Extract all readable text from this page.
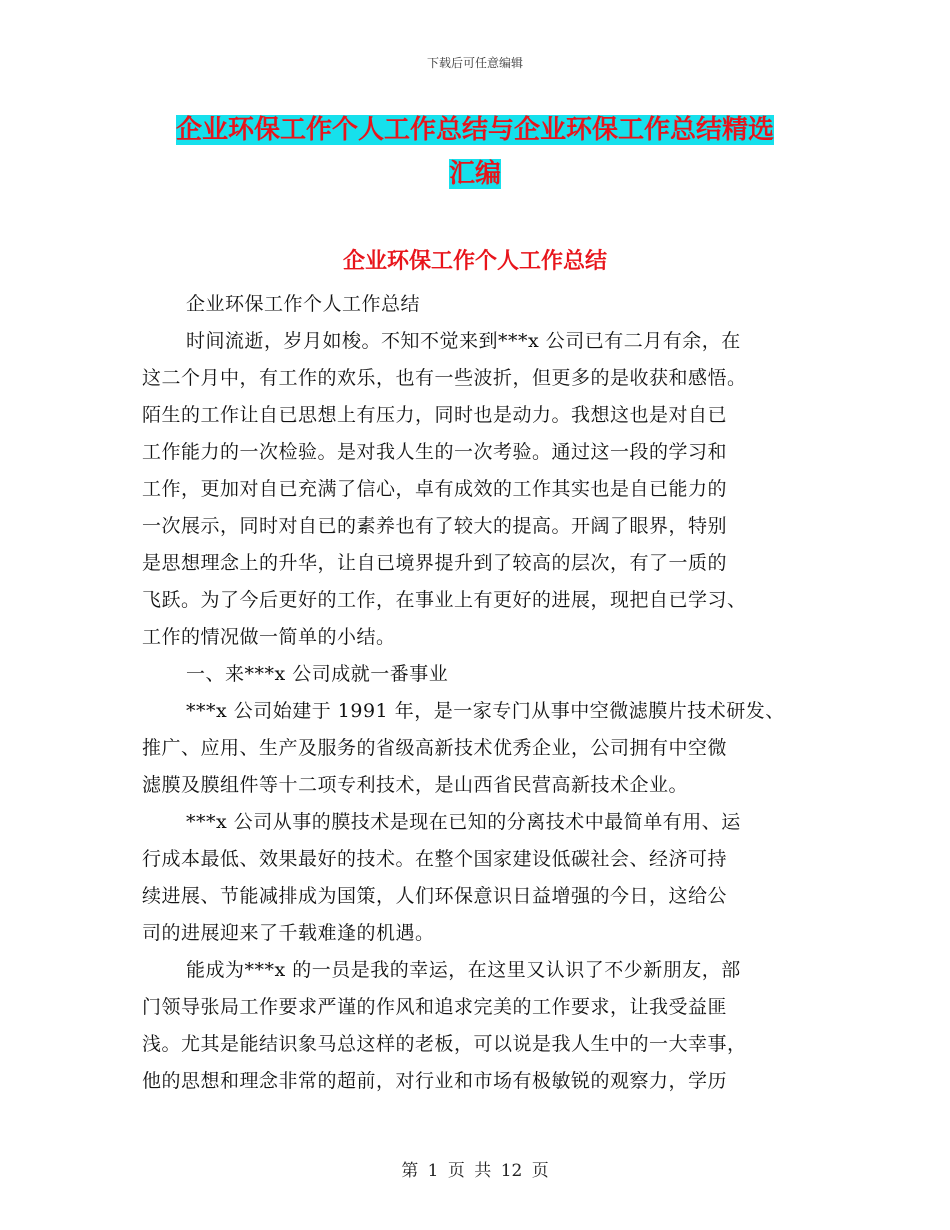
下载后可任意编辑
企业环保工作个人工作总结与企业环保工作总结精选
汇编
企业环保工作个人工作总结

企业环保工作个人工作总结

时间流逝，岁月如梭。不知不觉来到***x 公司已有二月有余，在
这二个月中，有工作的欢乐，也有一些波折，但更多的是收获和感悟。
陌生的工作让自已思想上有压力，同时也是动力。我想这也是对自已
工作能力的一次检验。是对我人生的一次考验。通过这一段的学习和
工作，更加对自已充满了信心，卓有成效的工作其实也是自已能力的
一次展示，同时对自已的素养也有了较大的提高。开阔了眼界，特别
是思想理念上的升华，让自已境界提升到了较高的层次，有了一质的
飞跃。为了今后更好的工作，在事业上有更好的进展，现把自已学习、
工作的情况做一简单的小结。

一、来***x 公司成就一番事业

***x 公司始建于 1991 年，是一家专门从事中空微滤膜片技术研发、
推广、应用、生产及服务的省级高新技术优秀企业，公司拥有中空微
滤膜及膜组件等十二项专利技术，是山西省民营高新技术企业。

***x 公司从事的膜技术是现在已知的分离技术中最简单有用、运
行成本最低、效果最好的技术。在整个国家建设低碳社会、经济可持
续进展、节能减排成为国策，人们环保意识日益增强的今日，这给公
司的进展迎来了千载难逢的机遇。

能成为***x 的一员是我的幸运，在这里又认识了不少新朋友，部
门领导张局工作要求严谨的作风和追求完美的工作要求，让我受益匪
浅。尤其是能结识象马总这样的老板，可以说是我人生中的一大幸事，
他的思想和理念非常的超前，对行业和市场有极敏锐的观察力，学历

第 1 页 共 12 页
